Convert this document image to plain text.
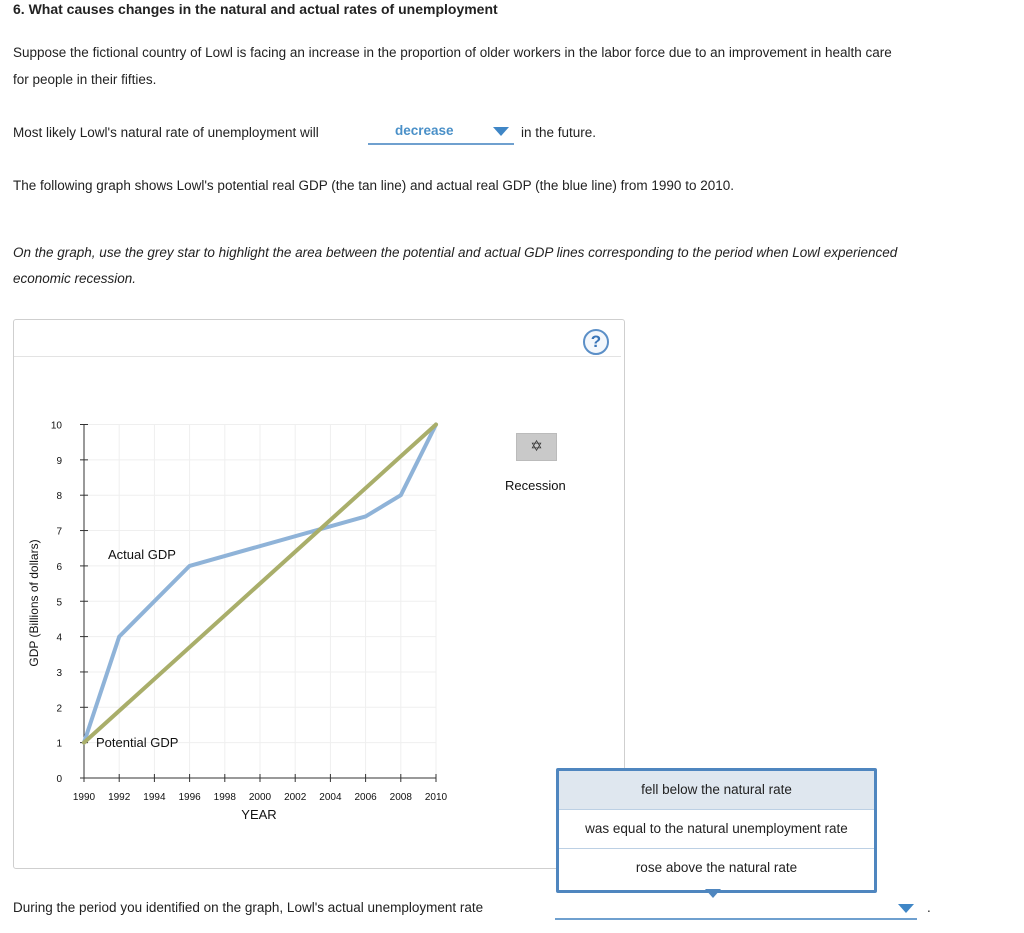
6. What causes changes in the natural and actual rates of unemployment
Suppose the fictional country of Lowl is facing an increase in the proportion of older workers in the labor force due to an improvement in health care
for people in their fifties.
Most likely Lowl's natural rate of unemployment will	decrease	in the future.
The following graph shows Lowl's potential real GDP (the tan line) and actual real GDP (the blue line) from 1990 to 2010.
On the graph, use the grey star to highlight the area between the potential and actual GDP lines corresponding to the period when Lowl experienced
economic recession.
?
1990 1992 1994 1996 1998 2000 2002 2004 2006 2008 2010
0
1
2
3
4
5
6
7
8
9
10
YEAR
GDP (Billions of dollars)	Actual GDP
Potential GDP
✡
Recession
fell below the natural rate
was equal to the natural unemployment rate
rose above the natural rate
During the period you identified on the graph, Lowl's actual unemployment rate	.
